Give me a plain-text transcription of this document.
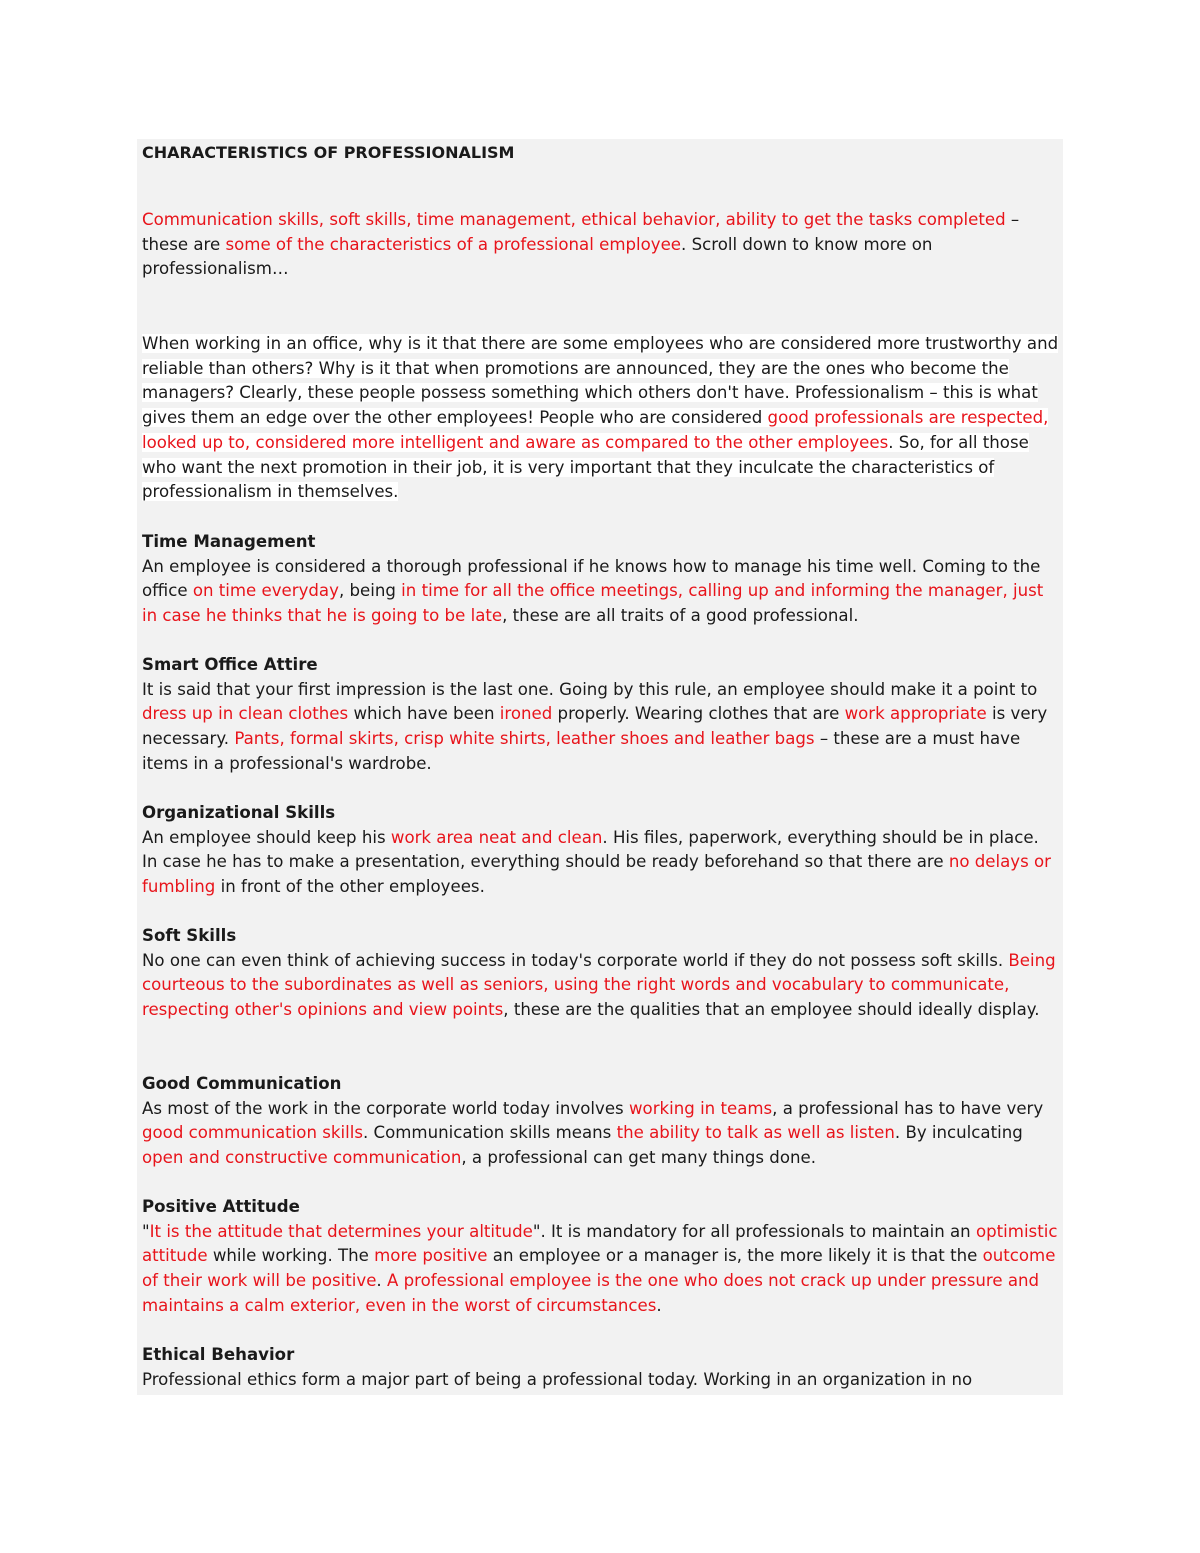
CHARACTERISTICS OF PROFESSIONALISM

Communication skills, soft skills, time management, ethical behavior, ability to get the tasks completed – these are some of the characteristics of a professional employee. Scroll down to know more on professionalism…

When working in an office, why is it that there are some employees who are considered more trustworthy and reliable than others? Why is it that when promotions are announced, they are the ones who become the managers? Clearly, these people possess something which others don't have. Professionalism – this is what gives them an edge over the other employees! People who are considered good professionals are respected, looked up to, considered more intelligent and aware as compared to the other employees. So, for all those who want the next promotion in their job, it is very important that they inculcate the characteristics of professionalism in themselves.

Time Management

An employee is considered a thorough professional if he knows how to manage his time well. Coming to the office on time everyday, being in time for all the office meetings, calling up and informing the manager, just in case he thinks that he is going to be late, these are all traits of a good professional.

Smart Office Attire

It is said that your first impression is the last one. Going by this rule, an employee should make it a point to dress up in clean clothes which have been ironed properly. Wearing clothes that are work appropriate is very necessary. Pants, formal skirts, crisp white shirts, leather shoes and leather bags – these are a must have items in a professional's wardrobe.

Organizational Skills

An employee should keep his work area neat and clean. His files, paperwork, everything should be in place. In case he has to make a presentation, everything should be ready beforehand so that there are no delays or fumbling in front of the other employees.

Soft Skills

No one can even think of achieving success in today's corporate world if they do not possess soft skills. Being courteous to the subordinates as well as seniors, using the right words and vocabulary to communicate, respecting other's opinions and view points, these are the qualities that an employee should ideally display.

Good Communication

As most of the work in the corporate world today involves working in teams, a professional has to have very good communication skills. Communication skills means the ability to talk as well as listen. By inculcating open and constructive communication, a professional can get many things done.

Positive Attitude

"It is the attitude that determines your altitude". It is mandatory for all professionals to maintain an optimistic attitude while working. The more positive an employee or a manager is, the more likely it is that the outcome of their work will be positive. A professional employee is the one who does not crack up under pressure and maintains a calm exterior, even in the worst of circumstances.

Ethical Behavior

Professional ethics form a major part of being a professional today. Working in an organization in no
